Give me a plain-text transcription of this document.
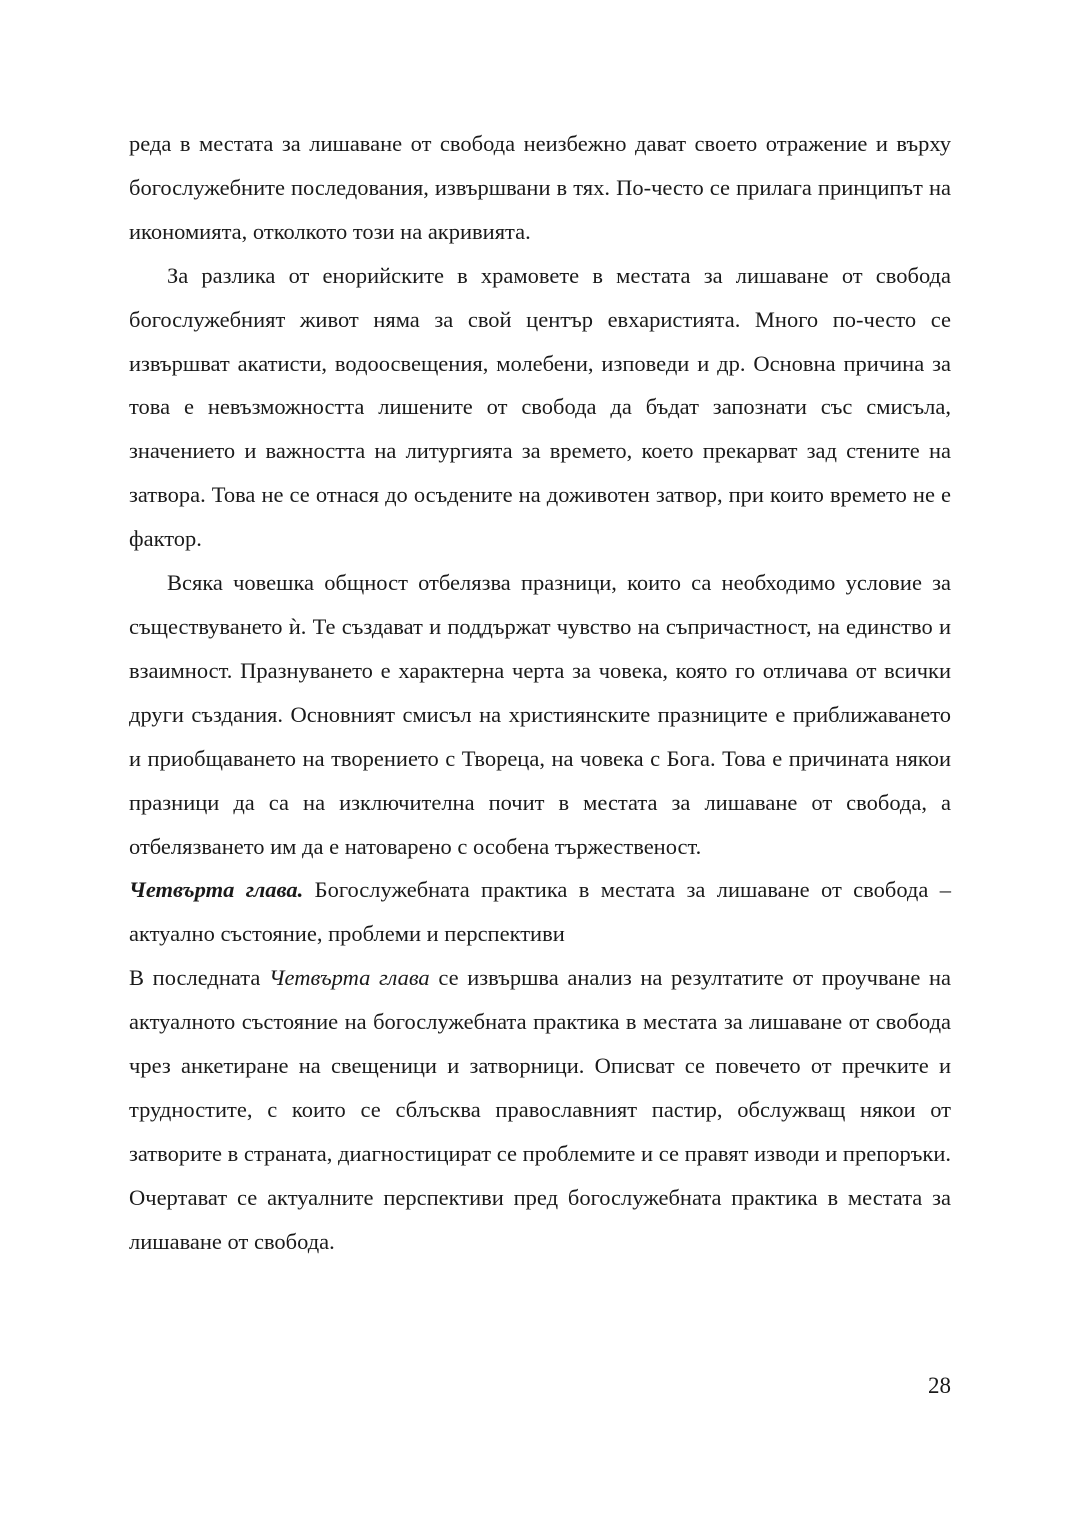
реда в местата за лишаване от свобода неизбежно дават своето отражение и върху богослужебните последования, извършвани в тях. По-често се прилага принципът на икономията, отколкото този на акривията.

За разлика от енорийските в храмовете в местата за лишаване от свобода богослужебният живот няма за свой център евхаристията. Много по-често се извършват акатисти, водоосвещения, молебени, изповеди и др. Основна причина за това е невъзможността лишените от свобода да бъдат запознати със смисъла, значението и важността на литургията за времето, което прекарват зад стените на затвора. Това не се отнася до осъдените на доживотен затвор, при които времето не е фактор.

Всяка човешка общност отбелязва празници, които са необходимо условие за съществуването ѝ. Те създават и поддържат чувство на съпричастност, на единство и взаимност. Празнуването е характерна черта за човека, която го отличава от всички други създания. Основният смисъл на християнските празниците е приближаването и приобщаването на творението с Твореца, на човека с Бога. Това е причината някои празници да са на изключителна почит в местата за лишаване от свобода, а отбелязването им да е натоварено с особена тържественост.

Четвърта глава. Богослужебната практика в местата за лишаване от свобода – актуално състояние, проблеми и перспективи

В последната Четвърта глава се извършва анализ на резултатите от проучване на актуалното състояние на богослужебната практика в местата за лишаване от свобода чрез анкетиране на свещеници и затворници. Описват се повечето от пречките и трудностите, с които се сблъсква православният пастир, обслужващ някои от затворите в страната, диагностицират се проблемите и се правят изводи и препоръки. Очертават се актуалните перспективи пред богослужебната практика в местата за лишаване от свобода.

28
